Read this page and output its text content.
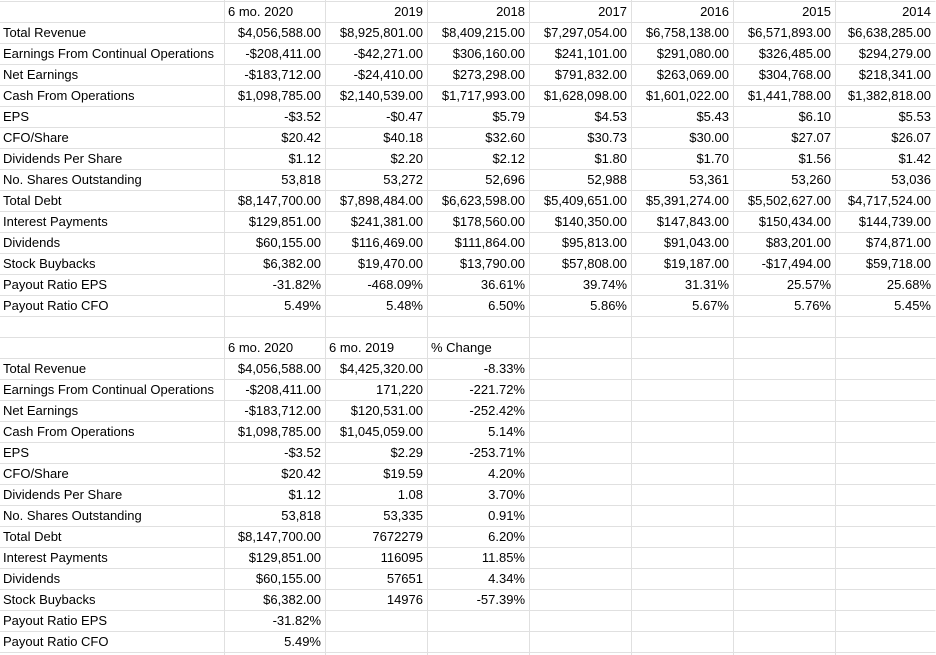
6 mo. 2020	2019	2018	2017	2016	2015	2014
Total Revenue	$4,056,588.00	$8,925,801.00	$8,409,215.00	$7,297,054.00	$6,758,138.00	$6,571,893.00	$6,638,285.00
Earnings From Continual Operations	-$208,411.00	-$42,271.00	$306,160.00	$241,101.00	$291,080.00	$326,485.00	$294,279.00
Net Earnings	-$183,712.00	-$24,410.00	$273,298.00	$791,832.00	$263,069.00	$304,768.00	$218,341.00
Cash From Operations	$1,098,785.00	$2,140,539.00	$1,717,993.00	$1,628,098.00	$1,601,022.00	$1,441,788.00	$1,382,818.00
EPS	-$3.52	-$0.47	$5.79	$4.53	$5.43	$6.10	$5.53
CFO/Share	$20.42	$40.18	$32.60	$30.73	$30.00	$27.07	$26.07
Dividends Per Share	$1.12	$2.20	$2.12	$1.80	$1.70	$1.56	$1.42
No. Shares Outstanding	53,818	53,272	52,696	52,988	53,361	53,260	53,036
Total Debt	$8,147,700.00	$7,898,484.00	$6,623,598.00	$5,409,651.00	$5,391,274.00	$5,502,627.00	$4,717,524.00
Interest Payments	$129,851.00	$241,381.00	$178,560.00	$140,350.00	$147,843.00	$150,434.00	$144,739.00
Dividends	$60,155.00	$116,469.00	$111,864.00	$95,813.00	$91,043.00	$83,201.00	$74,871.00
Stock Buybacks	$6,382.00	$19,470.00	$13,790.00	$57,808.00	$19,187.00	-$17,494.00	$59,718.00
Payout Ratio EPS	-31.82%	-468.09%	36.61%	39.74%	31.31%	25.57%	25.68%
Payout Ratio CFO	5.49%	5.48%	6.50%	5.86%	5.67%	5.76%	5.45%
6 mo. 2020	6 mo. 2019	% Change
Total Revenue	$4,056,588.00	$4,425,320.00	-8.33%
Earnings From Continual Operations	-$208,411.00	171,220	-221.72%
Net Earnings	-$183,712.00	$120,531.00	-252.42%
Cash From Operations	$1,098,785.00	$1,045,059.00	5.14%
EPS	-$3.52	$2.29	-253.71%
CFO/Share	$20.42	$19.59	4.20%
Dividends Per Share	$1.12	1.08	3.70%
No. Shares Outstanding	53,818	53,335	0.91%
Total Debt	$8,147,700.00	7672279	6.20%
Interest Payments	$129,851.00	116095	11.85%
Dividends	$60,155.00	57651	4.34%
Stock Buybacks	$6,382.00	14976	-57.39%
Payout Ratio EPS	-31.82%
Payout Ratio CFO	5.49%
